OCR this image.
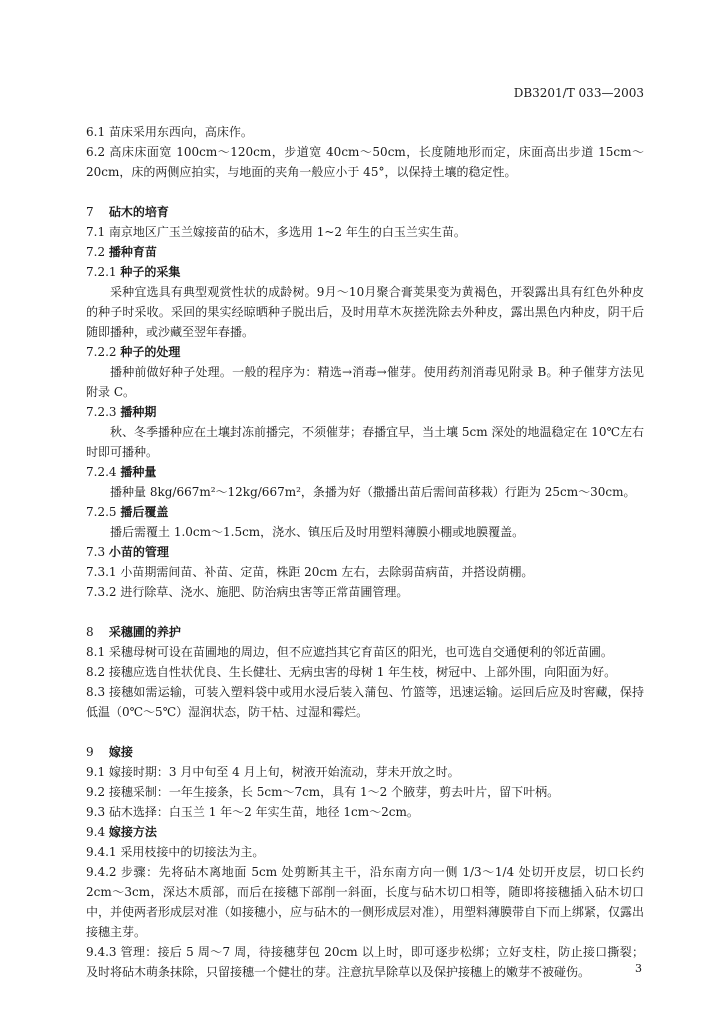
DB3201/T 033—2003
6.1 苗床采用东西向，高床作。
6.2 高床床面宽 100cm～120cm，步道宽 40cm～50cm，长度随地形而定，床面高出步道 15cm～20cm，床的两侧应拍实，与地面的夹角一般应小于 45°，以保持土壤的稳定性。
7 砧木的培育
7.1 南京地区广玉兰嫁接苗的砧木，多选用 1~2 年生的白玉兰实生苗。
7.2 播种育苗
7.2.1 种子的采集
采种宜选具有典型观赏性状的成龄树。9月～10月聚合膏荚果变为黄褐色，开裂露出具有红色外种皮的种子时采收。采回的果实经晾晒种子脱出后，及时用草木灰搓洗除去外种皮，露出黑色内种皮，阴干后随即播种，或沙藏至翌年春播。
7.2.2 种子的处理
播种前做好种子处理。一般的程序为：精选→消毒→催芽。使用药剂消毒见附录 B。种子催芽方法见附录 C。
7.2.3 播种期
秋、冬季播种应在土壤封冻前播完，不须催芽；春播宜早，当土壤 5cm 深处的地温稳定在 10℃左右时即可播种。
7.2.4 播种量
播种量 8kg/667m²～12kg/667m²，条播为好（撒播出苗后需间苗移栽）行距为 25cm～30cm。
7.2.5 播后覆盖
播后需覆土 1.0cm～1.5cm，浇水、镇压后及时用塑料薄膜小棚或地膜覆盖。
7.3 小苗的管理
7.3.1 小苗期需间苗、补苗、定苗，株距 20cm 左右，去除弱苗病苗，并搭设荫棚。
7.3.2 进行除草、浇水、施肥、防治病虫害等正常苗圃管理。
8 采穗圃的养护
8.1 采穗母树可设在苗圃地的周边，但不应遮挡其它育苗区的阳光，也可选自交通便利的邻近苗圃。
8.2 接穗应选自性状优良、生长健壮、无病虫害的母树 1 年生枝，树冠中、上部外围，向阳面为好。
8.3 接穗如需运输，可装入塑料袋中或用水浸后装入蒲包、竹篮等，迅速运输。运回后应及时窖藏，保持低温（0℃～5℃）湿润状态，防干枯、过湿和霉烂。
9 嫁接
9.1 嫁接时期：3 月中旬至 4 月上旬，树液开始流动，芽未开放之时。
9.2 接穗采制：一年生接条，长 5cm～7cm，具有 1～2 个腋芽，剪去叶片，留下叶柄。
9.3 砧木选择：白玉兰 1 年～2 年实生苗，地径 1cm～2cm。
9.4 嫁接方法
9.4.1 采用枝接中的切接法为主。
9.4.2 步骤：先将砧木离地面 5cm 处剪断其主干，沿东南方向一侧 1/3～1/4 处切开皮层，切口长约 2cm～3cm，深达木质部，而后在接穗下部削一斜面，长度与砧木切口相等，随即将接穗插入砧木切口中，并使两者形成层对准（如接穗小，应与砧木的一侧形成层对准），用塑料薄膜带自下而上绑紧，仅露出接穗主芽。
9.4.3 管理：接后 5 周～7 周，待接穗芽包 20cm 以上时，即可逐步松绑；立好支柱，防止接口撕裂；及时将砧木萌条抹除，只留接穗一个健壮的芽。注意抗旱除草以及保护接穗上的嫩芽不被碰伤。	3
